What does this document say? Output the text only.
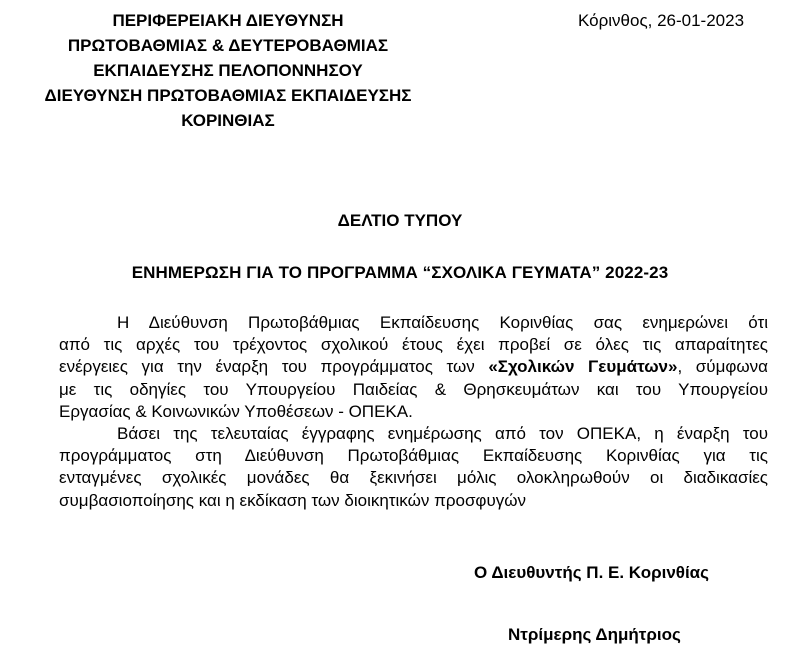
ΠΕΡΙΦΕΡΕΙΑΚΗ ΔΙΕΥΘΥΝΣΗ
ΠΡΩΤΟΒΑΘΜΙΑΣ & ΔΕΥΤΕΡΟΒΑΘΜΙΑΣ
ΕΚΠΑΙΔΕΥΣΗΣ ΠΕΛΟΠΟΝΝΗΣΟΥ
ΔΙΕΥΘΥΝΣΗ ΠΡΩΤΟΒΑΘΜΙΑΣ ΕΚΠΑΙΔΕΥΣΗΣ
ΚΟΡΙΝΘΙΑΣ
Κόρινθος, 26-01-2023
ΔΕΛΤΙΟ ΤΥΠΟΥ
ΕΝΗΜΕΡΩΣΗ ΓΙΑ ΤΟ ΠΡΟΓΡΑΜΜΑ “ΣΧΟΛΙΚΑ ΓΕΥΜΑΤΑ” 2022-23
Η Διεύθυνση Πρωτοβάθμιας Εκπαίδευσης Κορινθίας σας ενημερώνει ότι
από τις αρχές του τρέχοντος σχολικού έτους έχει προβεί σε όλες τις απαραίτητες
ενέργειες για την έναρξη του προγράμματος των «Σχολικών Γευμάτων», σύμφωνα
με τις οδηγίες του Υπουργείου Παιδείας & Θρησκευμάτων και του Υπουργείου
Εργασίας & Κοινωνικών Υποθέσεων - ΟΠΕΚΑ.
Βάσει της τελευταίας έγγραφης ενημέρωσης από τον ΟΠΕΚΑ, η έναρξη του
προγράμματος στη Διεύθυνση Πρωτοβάθμιας Εκπαίδευσης Κορινθίας για τις
ενταγμένες σχολικές μονάδες θα ξεκινήσει μόλις ολοκληρωθούν οι διαδικασίες
συμβασιοποίησης και η εκδίκαση των διοικητικών προσφυγών
Ο Διευθυντής Π. Ε. Κορινθίας
Ντρίμερης Δημήτριος
